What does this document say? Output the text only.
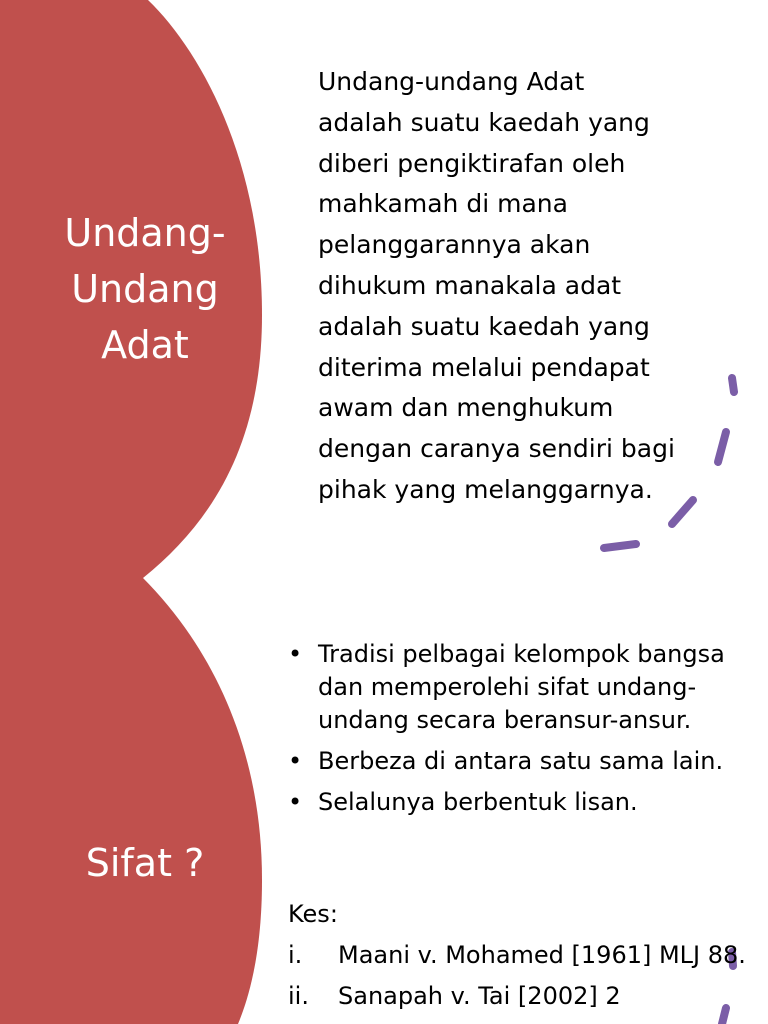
Undang-
Undang
Adat
Undang-undang Adat
adalah suatu kaedah yang
diberi pengiktirafan oleh
mahkamah di mana
pelanggarannya akan
dihukum manakala adat
adalah suatu kaedah yang
diterima melalui pendapat
awam dan menghukum
dengan caranya sendiri bagi
pihak yang melanggarnya.
Sifat ?
• Tradisi pelbagai kelompok bangsa dan memperolehi sifat undang-undang secara beransur-ansur.
• Berbeza di antara satu sama lain.
• Selalunya berbentuk lisan.
Kes:
i. Maani v. Mohamed [1961] MLJ 88.
ii. Sanapah v. Tai [2002] 2
